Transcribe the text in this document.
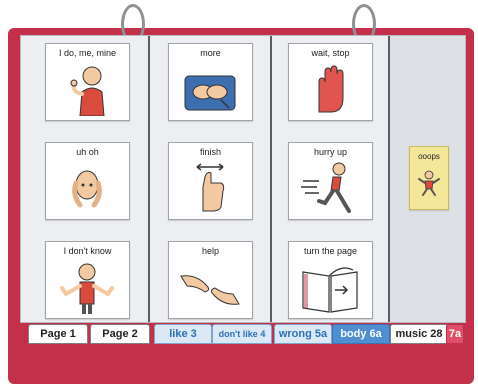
I do, me, mine
uh oh
I don't know
more
finish
help
wait, stop
hurry up
turn the page
ooops
Page 1	Page 2	like 3	don't like 4	wrong 5a	body 6a	music 28 7a
